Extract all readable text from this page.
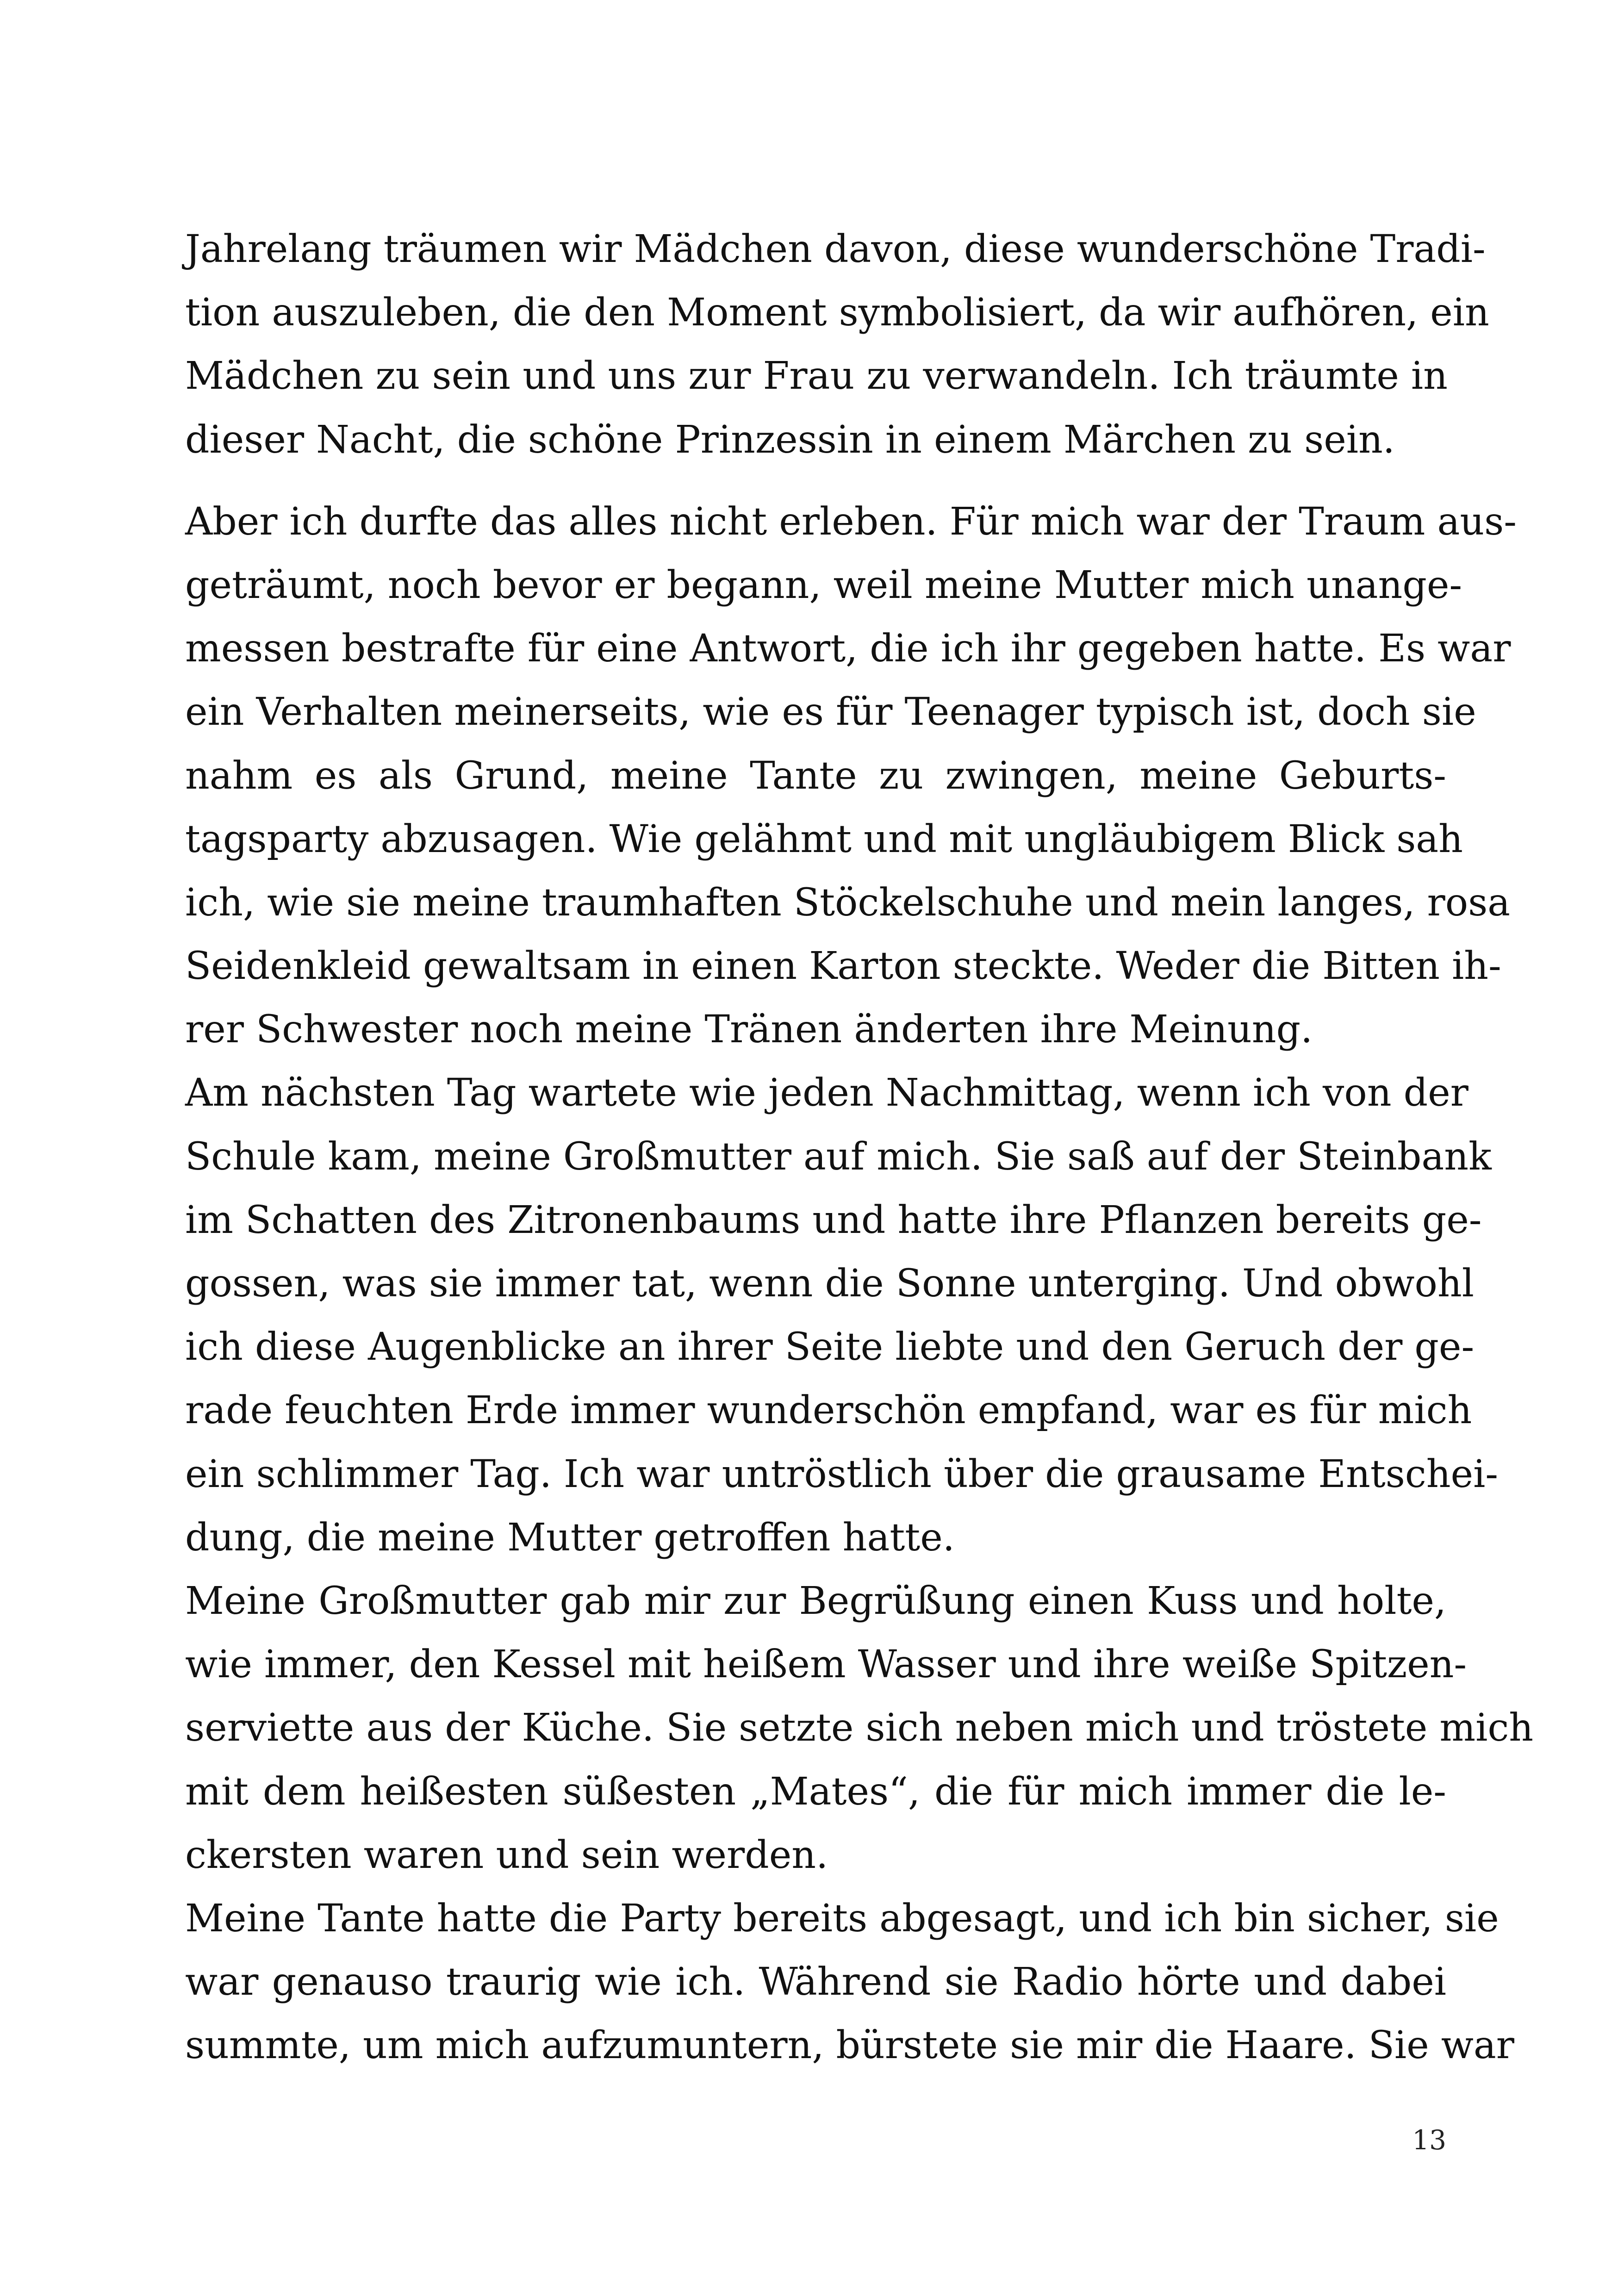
Jahrelang träumen wir Mädchen davon, diese wunderschöne Tradi-
tion auszuleben, die den Moment symbolisiert, da wir aufhören, ein
Mädchen zu sein und uns zur Frau zu verwandeln. Ich träumte in
dieser Nacht, die schöne Prinzessin in einem Märchen zu sein.
Aber ich durfte das alles nicht erleben. Für mich war der Traum aus-
geträumt, noch bevor er begann, weil meine Mutter mich unange-
messen bestrafte für eine Antwort, die ich ihr gegeben hatte. Es war
ein Verhalten meinerseits, wie es für Teenager typisch ist, doch sie
nahm es als Grund, meine Tante zu zwingen, meine Geburts-
tagsparty abzusagen. Wie gelähmt und mit ungläubigem Blick sah
ich, wie sie meine traumhaften Stöckelschuhe und mein langes, rosa
Seidenkleid gewaltsam in einen Karton steckte. Weder die Bitten ih-
rer Schwester noch meine Tränen änderten ihre Meinung.
Am nächsten Tag wartete wie jeden Nachmittag, wenn ich von der
Schule kam, meine Großmutter auf mich. Sie saß auf der Steinbank
im Schatten des Zitronenbaums und hatte ihre Pflanzen bereits ge-
gossen, was sie immer tat, wenn die Sonne unterging. Und obwohl
ich diese Augenblicke an ihrer Seite liebte und den Geruch der ge-
rade feuchten Erde immer wunderschön empfand, war es für mich
ein schlimmer Tag. Ich war untröstlich über die grausame Entschei-
dung, die meine Mutter getroffen hatte.
Meine Großmutter gab mir zur Begrüßung einen Kuss und holte,
wie immer, den Kessel mit heißem Wasser und ihre weiße Spitzen-
serviette aus der Küche. Sie setzte sich neben mich und tröstete mich
mit dem heißesten süßesten „Mates“, die für mich immer die le-
ckersten waren und sein werden.
Meine Tante hatte die Party bereits abgesagt, und ich bin sicher, sie
war genauso traurig wie ich. Während sie Radio hörte und dabei
summte, um mich aufzumuntern, bürstete sie mir die Haare. Sie war
13
